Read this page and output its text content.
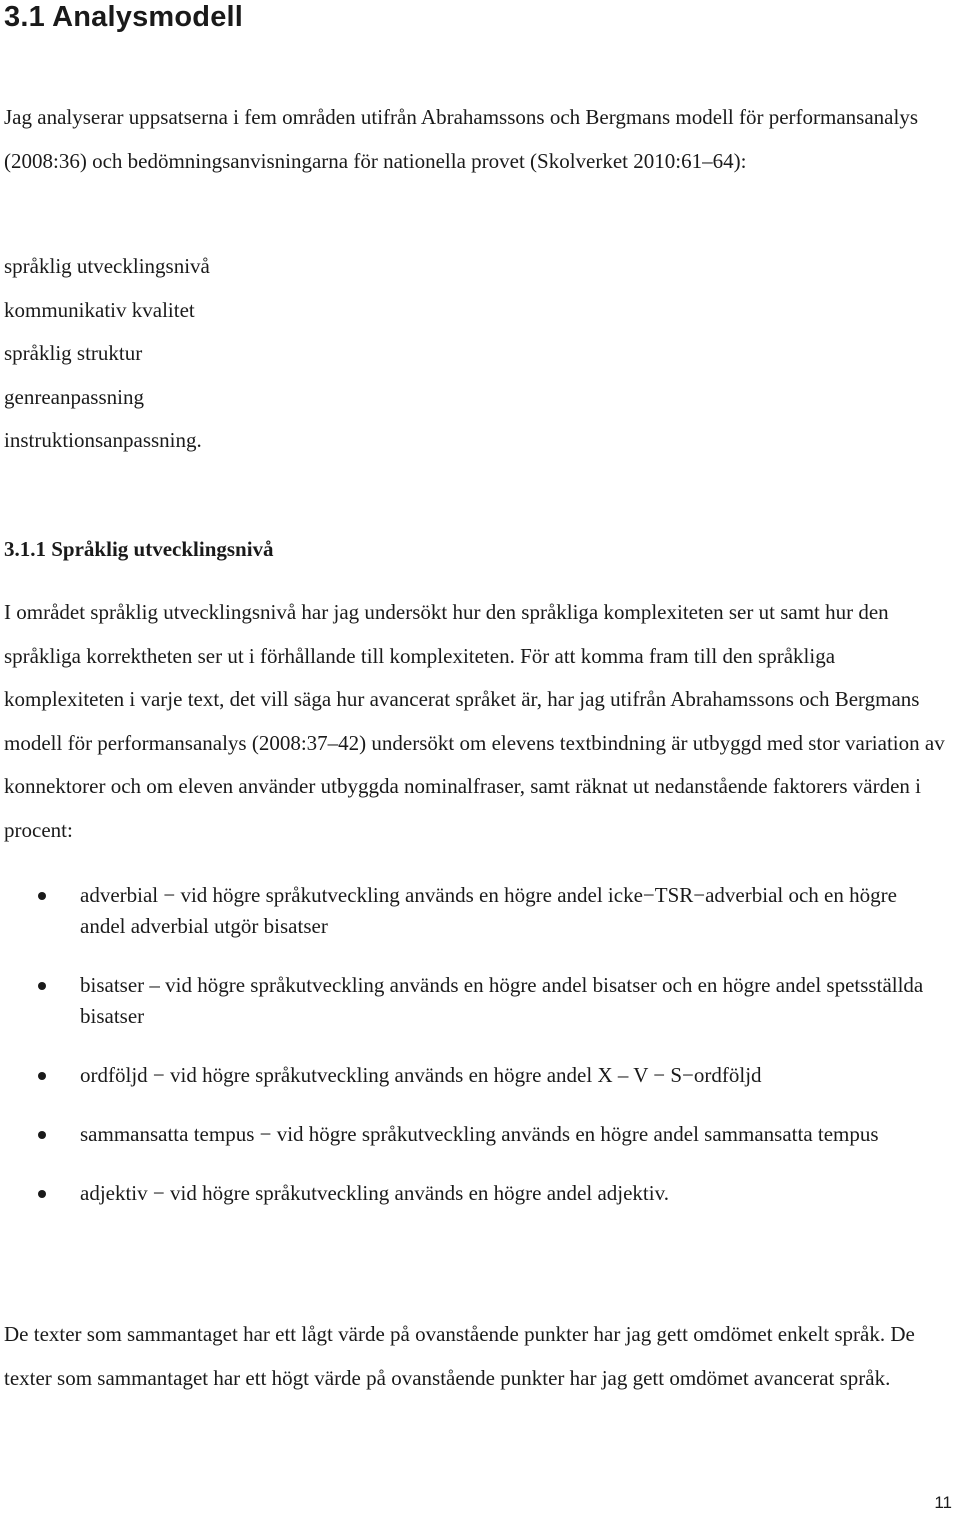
3.1 Analysmodell

Jag analyserar uppsatserna i fem områden utifrån Abrahamssons och Bergmans modell för performansanalys (2008:36) och bedömningsanvisningarna för nationella provet (Skolverket 2010:61‒64):

språklig utvecklingsnivå
kommunikativ kvalitet
språklig struktur
genreanpassning
instruktionsanpassning.
3.1.1 Språklig utvecklingsnivå

I området språklig utvecklingsnivå har jag undersökt hur den språkliga komplexiteten ser ut samt hur den språkliga korrektheten ser ut i förhållande till komplexiteten. För att komma fram till den språkliga komplexiteten i varje text, det vill säga hur avancerat språket är, har jag utifrån Abrahamssons och Bergmans modell för performansanalys (2008:37‒42) undersökt om elevens textbindning är utbyggd med stor variation av konnektorer och om eleven använder utbyggda nominalfraser, samt räknat ut nedanstående faktorers värden i procent:

adverbial − vid högre språkutveckling används en högre andel icke−TSR−adverbial och en högre andel adverbial utgör bisatser
bisatser – vid högre språkutveckling används en högre andel bisatser och en högre andel spetsställda bisatser
ordföljd − vid högre språkutveckling används en högre andel X – V − S−ordföljd
sammansatta tempus − vid högre språkutveckling används en högre andel sammansatta tempus
adjektiv − vid högre språkutveckling används en högre andel adjektiv.

De texter som sammantaget har ett lågt värde på ovanstående punkter har jag gett omdömet enkelt språk. De texter som sammantaget har ett högt värde på ovanstående punkter har jag gett omdömet avancerat språk.

11
